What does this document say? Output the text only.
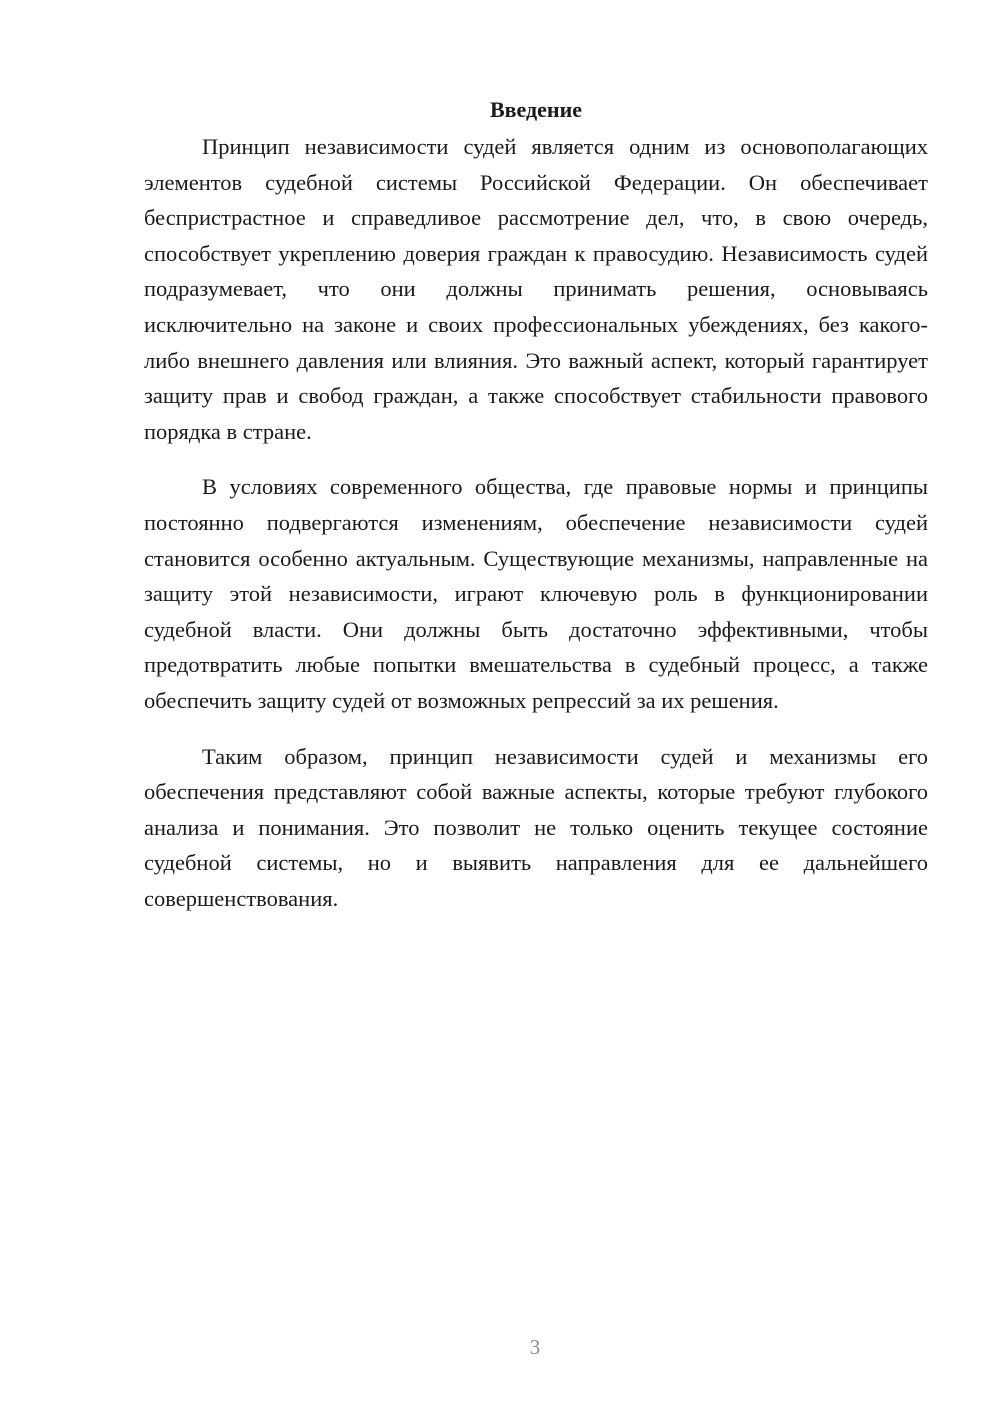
Введение

Принцип независимости судей является одним из основополагающих элементов судебной системы Российской Федерации. Он обеспечивает беспристрастное и справедливое рассмотрение дел, что, в свою очередь, способствует укреплению доверия граждан к правосудию. Независимость судей подразумевает, что они должны принимать решения, основываясь исключительно на законе и своих профессиональных убеждениях, без какого-либо внешнего давления или влияния. Это важный аспект, который гарантирует защиту прав и свобод граждан, а также способствует стабильности правового порядка в стране.

В условиях современного общества, где правовые нормы и принципы постоянно подвергаются изменениям, обеспечение независимости судей становится особенно актуальным. Существующие механизмы, направленные на защиту этой независимости, играют ключевую роль в функционировании судебной власти. Они должны быть достаточно эффективными, чтобы предотвратить любые попытки вмешательства в судебный процесс, а также обеспечить защиту судей от возможных репрессий за их решения.

Таким образом, принцип независимости судей и механизмы его обеспечения представляют собой важные аспекты, которые требуют глубокого анализа и понимания. Это позволит не только оценить текущее состояние судебной системы, но и выявить направления для ее дальнейшего совершенствования.

3
